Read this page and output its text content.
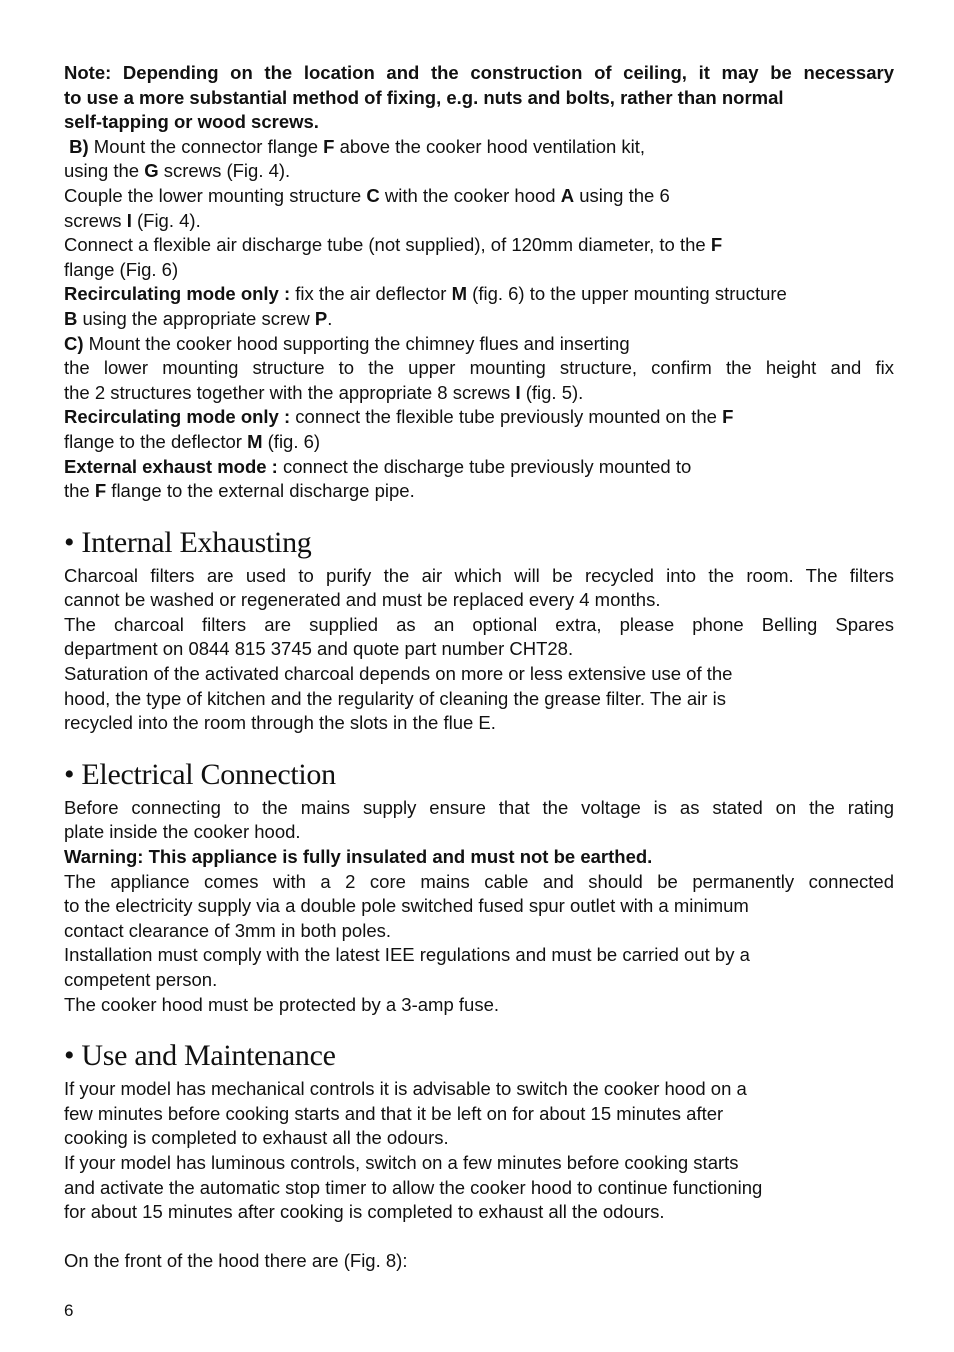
Note: Depending on the location and the construction of ceiling, it may be necessary

to use a more substantial method of fixing, e.g. nuts and bolts, rather than normal

self-tapping or wood screws.

B) Mount the connector flange F above the cooker hood ventilation kit,

using the G screws (Fig. 4).

Couple the lower mounting structure C with the cooker hood A using the 6

screws I (Fig. 4).

Connect a flexible air discharge tube (not supplied), of 120mm diameter, to the F

flange (Fig. 6)

Recirculating mode only : fix the air deflector M (fig. 6) to the upper mounting structure

B using the appropriate screw P.

C) Mount the cooker hood supporting the chimney flues and inserting

the lower mounting structure to the upper mounting structure, confirm the height and fix

the 2 structures together with the appropriate 8 screws I (fig. 5).

Recirculating mode only : connect the flexible tube previously mounted on the F

flange to the deflector M (fig. 6)

External exhaust mode : connect the discharge tube previously mounted to

the F flange to the external discharge pipe.

• Internal Exhausting

Charcoal filters are used to purify the air which will be recycled into the room. The filters

cannot be washed or regenerated and must be replaced every 4 months.

The charcoal filters are supplied as an optional extra, please phone Belling Spares

department on 0844 815 3745 and quote part number CHT28.

Saturation of the activated charcoal depends on more or less extensive use of the

hood, the type of kitchen and the regularity of cleaning the grease filter. The air is

recycled into the room through the slots in the flue E.

• Electrical Connection

Before connecting to the mains supply ensure that the voltage is as stated on the rating

plate inside the cooker hood.

Warning: This appliance is fully insulated and must not be earthed.

The appliance comes with a 2 core mains cable and should be permanently connected

to the electricity supply via a double pole switched fused spur outlet with a minimum

contact clearance of 3mm in both poles.

Installation must comply with the latest IEE regulations and must be carried out by a

competent person.

The cooker hood must be protected by a 3-amp fuse.

• Use and Maintenance

If your model has mechanical controls it is advisable to switch the cooker hood on a

few minutes before cooking starts and that it be left on for about 15 minutes after

cooking is completed to exhaust all the odours.

If your model has luminous controls, switch on a few minutes before cooking starts

and activate the automatic stop timer to allow the cooker hood to continue functioning

for about 15 minutes after cooking is completed to exhaust all the odours.

On the front of the hood there are (Fig. 8):

6
